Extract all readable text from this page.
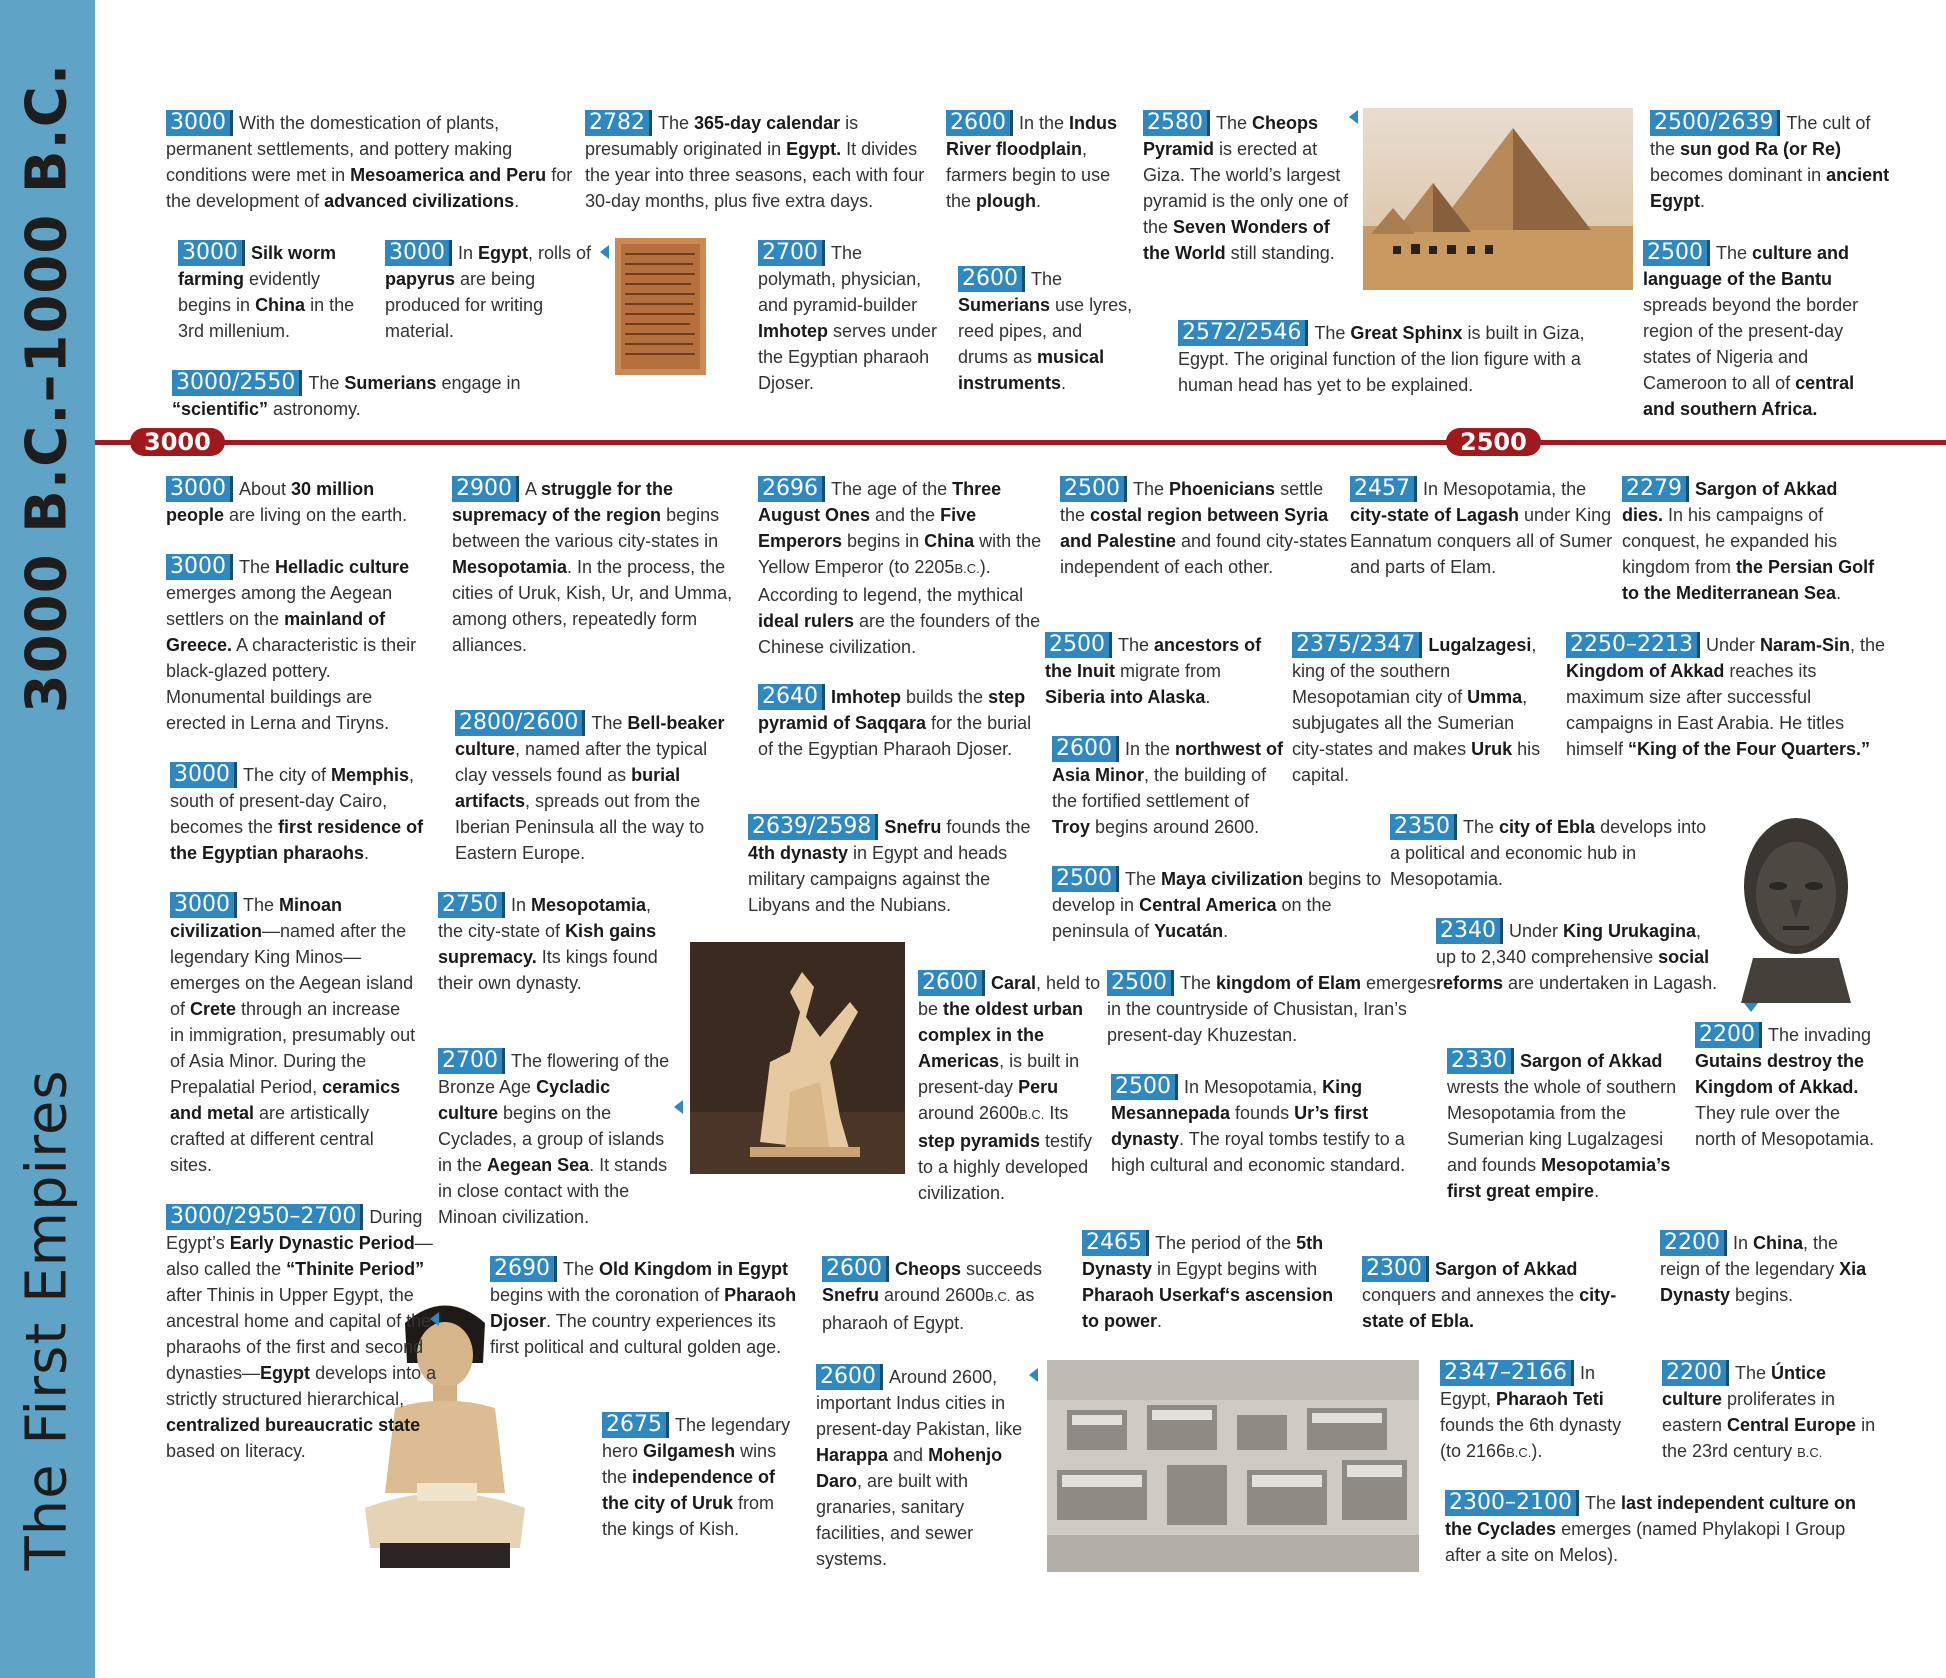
3000 B.C.–1000 B.C.
The First Empires
3000	2500

3000 With the domestication of plants, permanent settlements, and pottery making conditions were met in Mesoamerica and Peru for the development of advanced civilizations.

3000 Silk worm farming evidently begins in China in the 3rd millenium.

3000 In Egypt, rolls of papyrus are being produced for writing material.

3000/2550 The Sumerians engage in “scientific” astronomy.

2782 The 365-day calendar is presumably originated in Egypt. It divides the year into three seasons, each with four 30-day months, plus five extra days.

2700 The polymath, physician, and pyramid-builder Imhotep serves under the Egyptian pharaoh Djoser.

2600 In the Indus River floodplain, farmers begin to use the plough.

2600 The Sumerians use lyres, reed pipes, and drums as musical instruments.

2580 The Cheops Pyramid is erected at Giza. The world’s largest pyramid is the only one of the Seven Wonders of the World still standing.

2572/2546 The Great Sphinx is built in Giza, Egypt. The original function of the lion figure with a human head has yet to be explained.

2500/2639 The cult of the sun god Ra (or Re) becomes dominant in ancient Egypt.

2500 The culture and language of the Bantu spreads beyond the border region of the present-day states of Nigeria and Cameroon to all of central and southern Africa.

3000 About 30 million people are living on the earth.

3000 The Helladic culture emerges among the Aegean settlers on the mainland of Greece. A characteristic is their black-glazed pottery. Monumental buildings are erected in Lerna and Tiryns.

3000 The city of Memphis, south of present-day Cairo, becomes the first residence of the Egyptian pharaohs.

3000 The Minoan civilization—named after the legendary King Minos—emerges on the Aegean island of Crete through an increase in immigration, presumably out of Asia Minor. During the Prepalatial Period, ceramics and metal are artistically crafted at different central sites.

3000/2950–2700 During Egypt’s Early Dynastic Period—also called the “Thinite Period” after Thinis in Upper Egypt, the ancestral home and capital of the pharaohs of the first and second dynasties—Egypt develops into a strictly structured hierarchical, centralized bureaucratic state based on literacy.

2900 A struggle for the supremacy of the region begins between the various city-states in Mesopotamia. In the process, the cities of Uruk, Kish, Ur, and Umma, among others, repeatedly form alliances.

2800/2600 The Bell-beaker culture, named after the typical clay vessels found as burial artifacts, spreads out from the Iberian Peninsula all the way to Eastern Europe.

2750 In Mesopotamia, the city-state of Kish gains supremacy. Its kings found their own dynasty.

2700 The flowering of the Bronze Age Cycladic culture begins on the Cyclades, a group of islands in the Aegean Sea. It stands in close contact with the Minoan civilization.

2690 The Old Kingdom in Egypt begins with the coronation of Pharaoh Djoser. The country experiences its first political and cultural golden age.

2675 The legendary hero Gilgamesh wins the independence of the city of Uruk from the kings of Kish.

2696 The age of the Three August Ones and the Five Emperors begins in China with the Yellow Emperor (to 2205B.C.). According to legend, the mythical ideal rulers are the founders of the Chinese civilization.

2640 Imhotep builds the step pyramid of Saqqara for the burial of the Egyptian Pharaoh Djoser.

2639/2598 Snefru founds the 4th dynasty in Egypt and heads military campaigns against the Libyans and the Nubians.

2600 Caral, held to be the oldest urban complex in the Americas, is built in present-day Peru around 2600B.C. Its step pyramids testify to a highly developed civilization.

2600 Cheops succeeds Snefru around 2600B.C. as pharaoh of Egypt.

2600 Around 2600, important Indus cities in present-day Pakistan, like Harappa and Mohenjo Daro, are built with granaries, sanitary facilities, and sewer systems.

2500 The Phoenicians settle the costal region between Syria and Palestine and found city-states independent of each other.

2500 The ancestors of the Inuit migrate from Siberia into Alaska.

2600 In the northwest of Asia Minor, the building of the fortified settlement of Troy begins around 2600.

2500 The Maya civilization begins to develop in Central America on the peninsula of Yucatán.

2500 The kingdom of Elam emerges in the countryside of Chusistan, Iran’s present-day Khuzestan.

2500 In Mesopotamia, King Mesannepada founds Ur’s first dynasty. The royal tombs testify to a high cultural and economic standard.

2465 The period of the 5th Dynasty in Egypt begins with Pharaoh Userkaf‘s ascension to power.

2457 In Mesopotamia, the city-state of Lagash under King Eannatum conquers all of Sumer and parts of Elam.

2375/2347 Lugalzagesi, king of the southern Mesopotamian city of Umma, subjugates all the Sumerian city-states and makes Uruk his capital.

2350 The city of Ebla develops into a political and economic hub in Mesopotamia.

2340 Under King Urukagina, up to 2,340 comprehensive social reforms are undertaken in Lagash.

2330 Sargon of Akkad wrests the whole of southern Mesopotamia from the Sumerian king Lugalzagesi and founds Mesopotamia’s first great empire.

2300 Sargon of Akkad conquers and annexes the city-state of Ebla.

2347–2166 In Egypt, Pharaoh Teti founds the 6th dynasty (to 2166B.C.).

2300–2100 The last independent culture on the Cyclades emerges (named Phylakopi I Group after a site on Melos).

2279 Sargon of Akkad dies. In his campaigns of conquest, he expanded his kingdom from the Persian Golf to the Mediterranean Sea.

2250–2213 Under Naram-Sin, the Kingdom of Akkad reaches its maximum size after successful campaigns in East Arabia. He titles himself “King of the Four Quarters.”

2200 The invading Gutains destroy the Kingdom of Akkad. They rule over the north of Mesopotamia.

2200 In China, the reign of the legendary Xia Dynasty begins.

2200 The Úntice culture proliferates in eastern Central Europe in the 23rd century B.C.
